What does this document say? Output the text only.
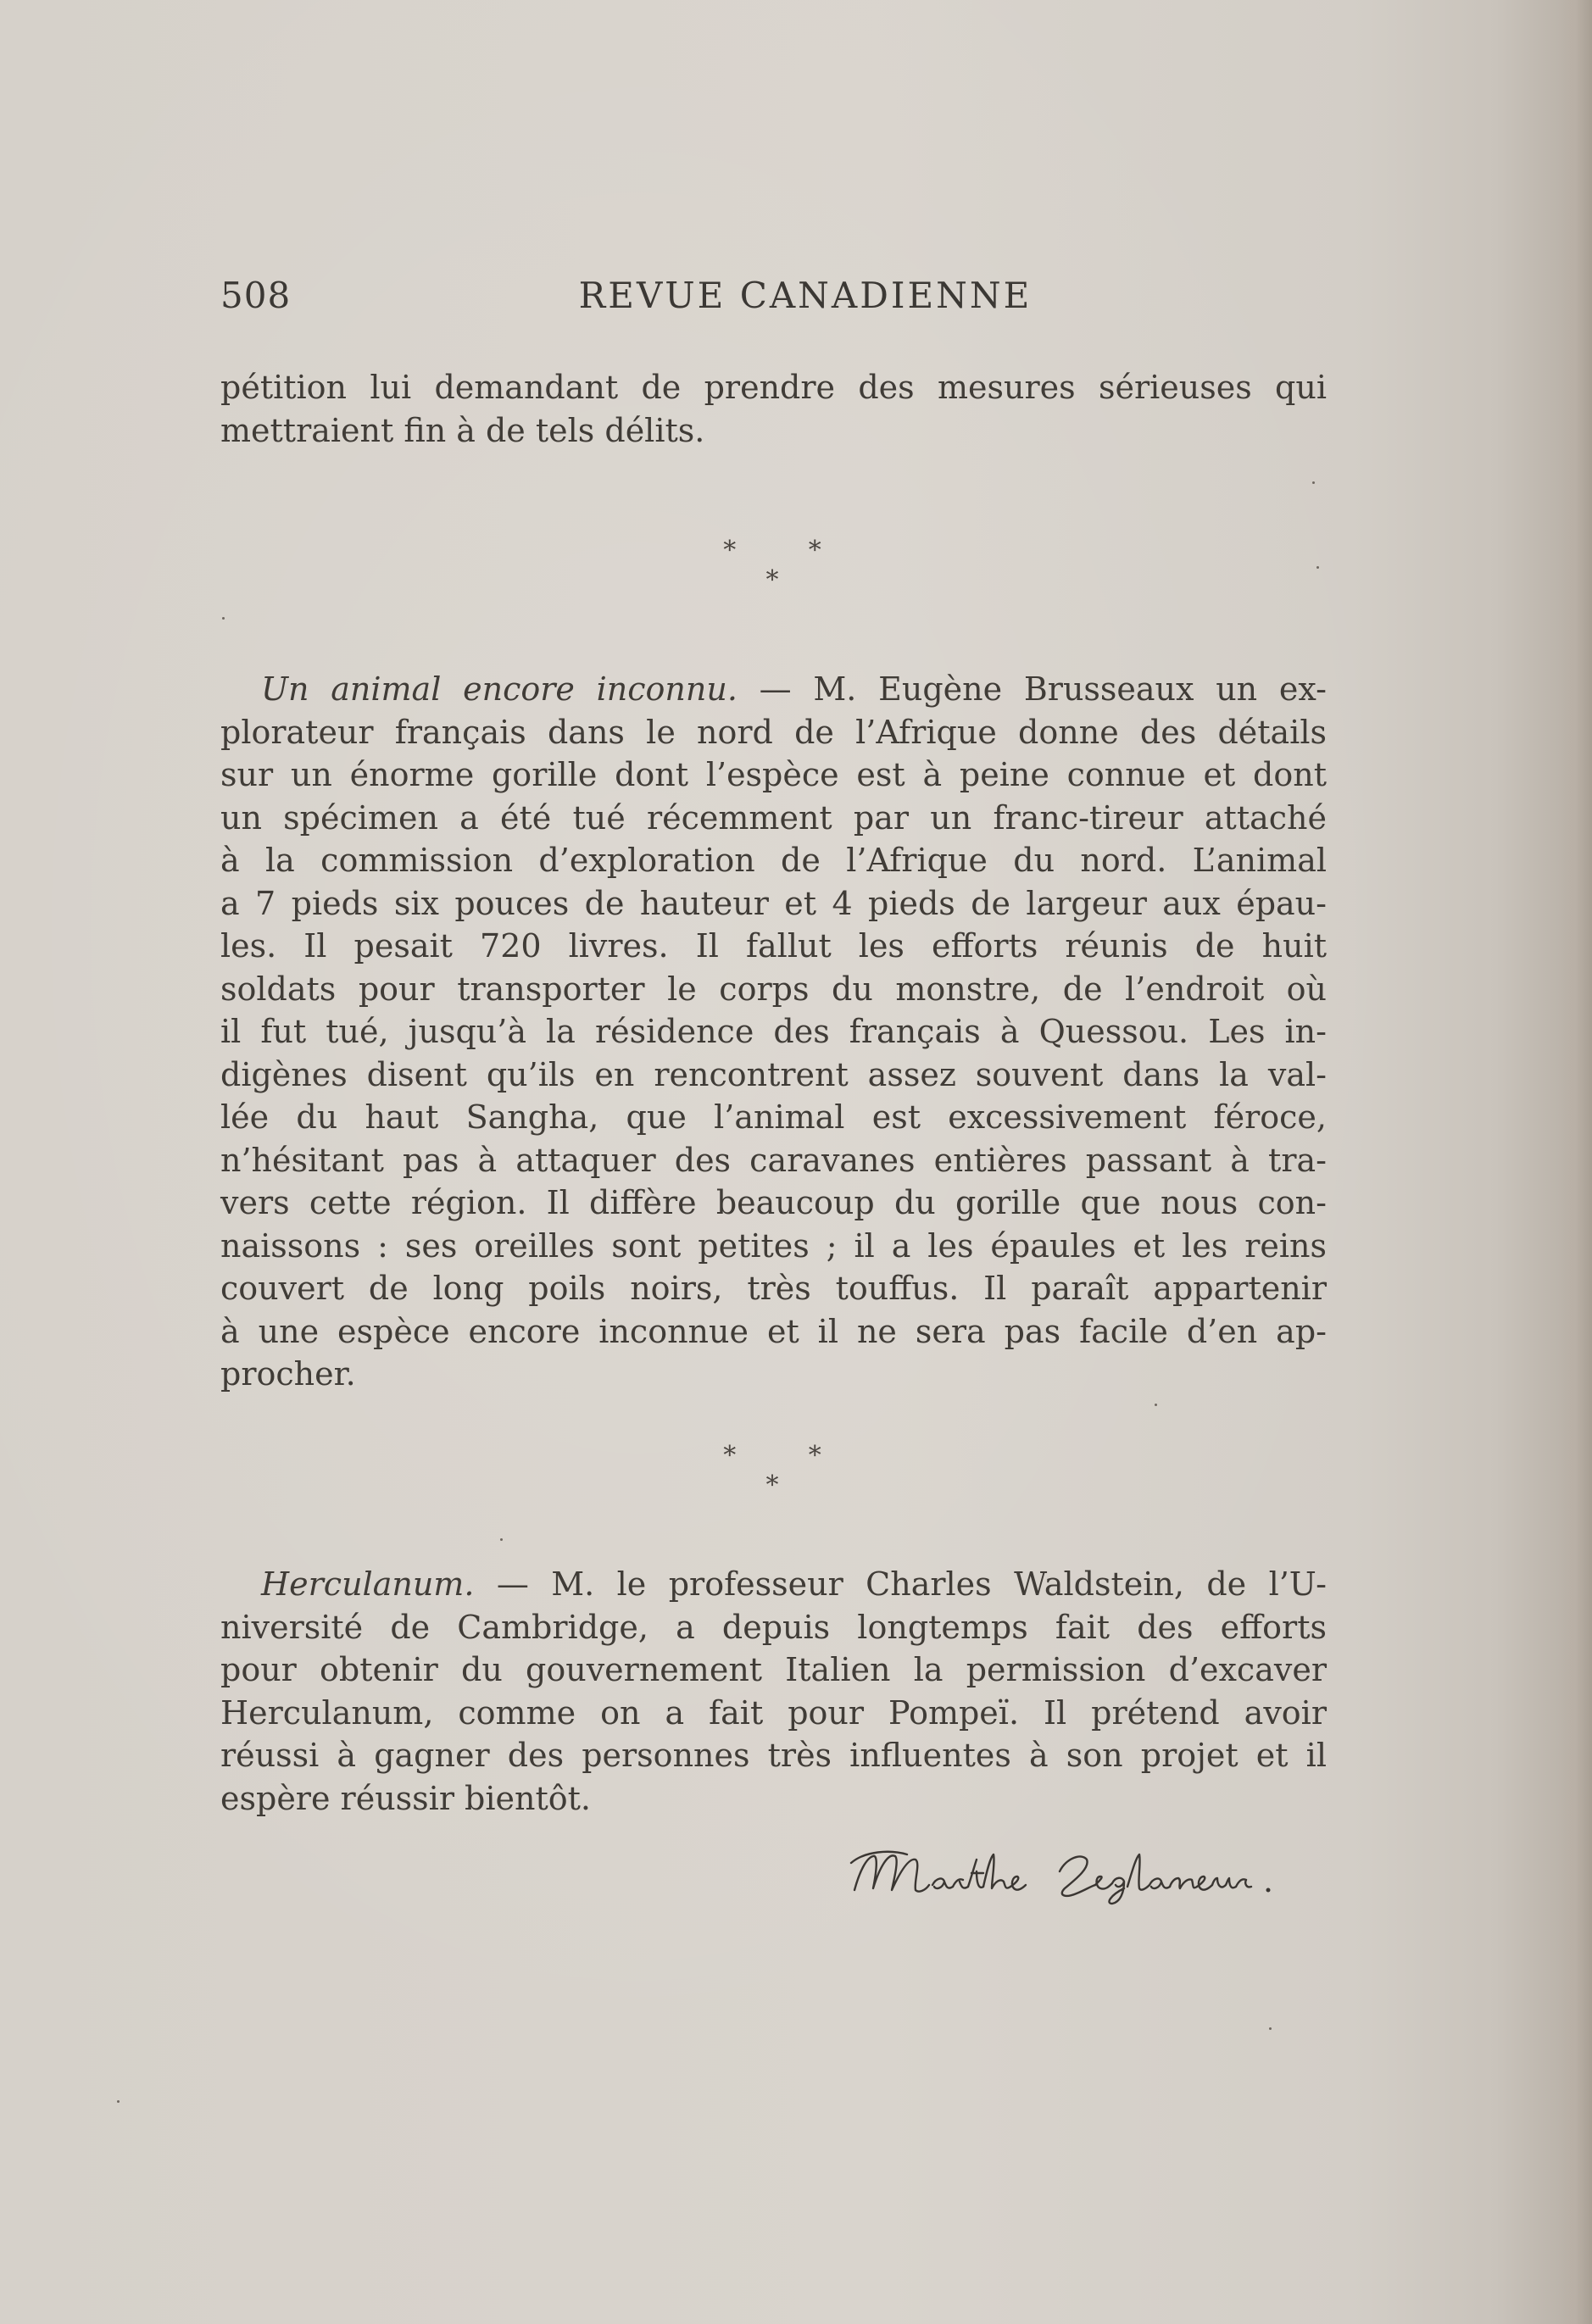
508	REVUE CANADIENNE
pétition lui demandant de prendre des mesures sérieuses qui
mettraient fin à de tels délits.
* * *
Un animal encore inconnu. — M. Eugène Brusseaux un ex-
plorateur français dans le nord de l’Afrique donne des détails
sur un énorme gorille dont l’espèce est à peine connue et dont
un spécimen a été tué récemment par un franc-tireur attaché
à la commission d’exploration de l’Afrique du nord. L’animal
a 7 pieds six pouces de hauteur et 4 pieds de largeur aux épau-
les. Il pesait 720 livres. Il fallut les efforts réunis de huit
soldats pour transporter le corps du monstre, de l’endroit où
il fut tué, jusqu’à la résidence des français à Quessou. Les in-
digènes disent qu’ils en rencontrent assez souvent dans la val-
lée du haut Sangha, que l’animal est excessivement féroce,
n’hésitant pas à attaquer des caravanes entières passant à tra-
vers cette région. Il diffère beaucoup du gorille que nous con-
naissons : ses oreilles sont petites ; il a les épaules et les reins
couvert de long poils noirs, très touffus. Il paraît appartenir
à une espèce encore inconnue et il ne sera pas facile d’en ap-
procher.
* * *
Herculanum. — M. le professeur Charles Waldstein, de l’U-
niversité de Cambridge, a depuis longtemps fait des efforts
pour obtenir du gouvernement Italien la permission d’excaver
Herculanum, comme on a fait pour Pompeï. Il prétend avoir
réussi à gagner des personnes très influentes à son projet et il
espère réussir bientôt.
